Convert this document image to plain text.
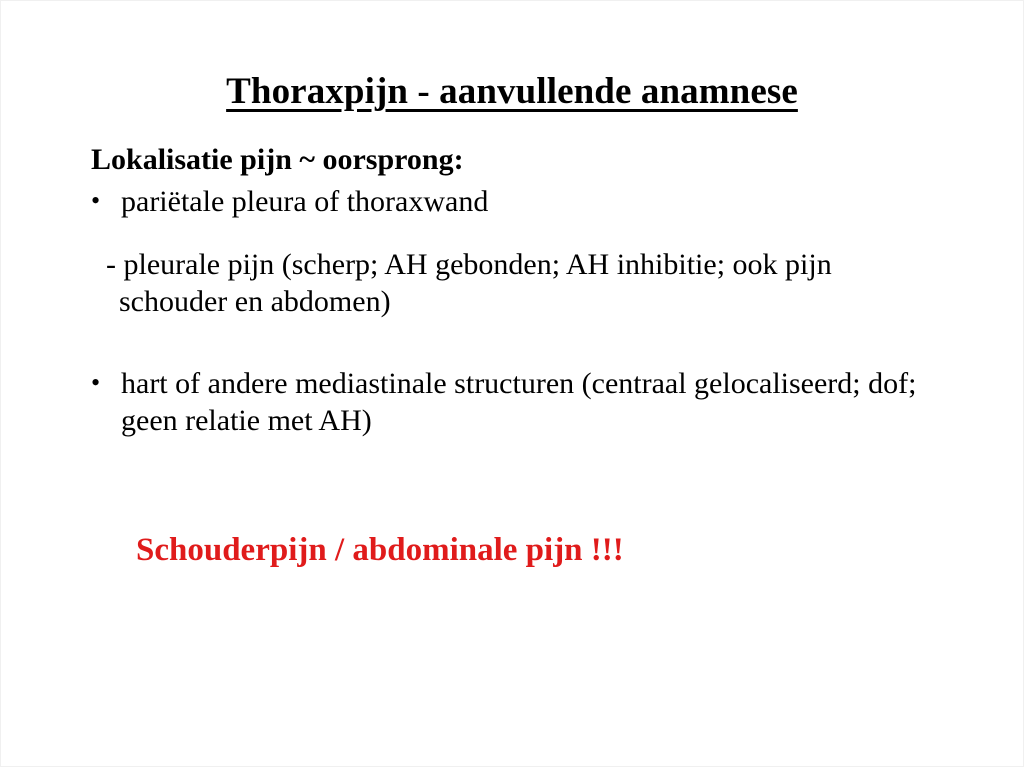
Thoraxpijn - aanvullende anamnese

Lokalisatie pijn ~ oorsprong:

• pariëtale pleura of thoraxwand

- pleurale pijn (scherp; AH gebonden; AH inhibitie; ook pijn schouder en abdomen)

• hart of andere mediastinale structuren (centraal gelocaliseerd; dof; geen relatie met AH)

Schouderpijn / abdominale pijn !!!
